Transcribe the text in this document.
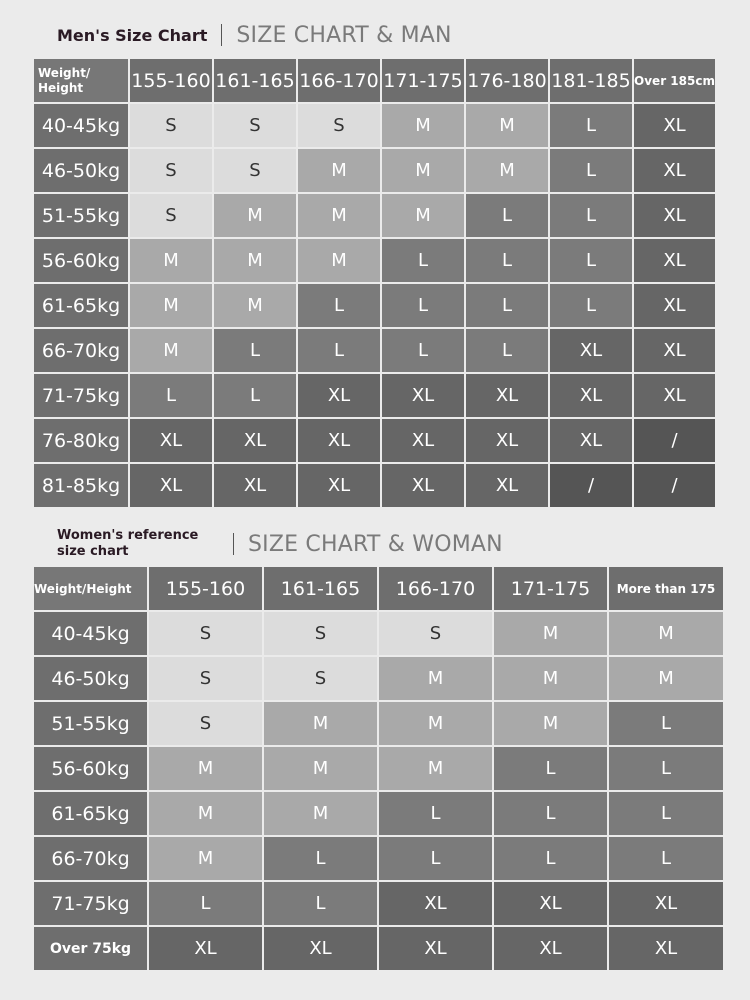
Men's Size Chart SIZE CHART & MAN
Weight/
Height	155-160	161-165	166-170	171-175	176-180	181-185	Over 185cm
40-45kg	S	S	S	M	M	L	XL
46-50kg	S	S	M	M	M	L	XL
51-55kg	S	M	M	M	L	L	XL
56-60kg	M	M	M	L	L	L	XL
61-65kg	M	M	L	L	L	L	XL
66-70kg	M	L	L	L	L	XL	XL
71-75kg	L	L	XL	XL	XL	XL	XL
76-80kg	XL	XL	XL	XL	XL	XL	/
81-85kg	XL	XL	XL	XL	XL	/	/
Women's reference size chart	SIZE CHART & WOMAN
Weight/Height	155-160	161-165	166-170	171-175	More than 175
40-45kg	S	S	S	M	M
46-50kg	S	S	M	M	M
51-55kg	S	M	M	M	L
56-60kg	M	M	M	L	L
61-65kg	M	M	L	L	L
66-70kg	M	L	L	L	L
71-75kg	L	L	XL	XL	XL
Over 75kg	XL	XL	XL	XL	XL
